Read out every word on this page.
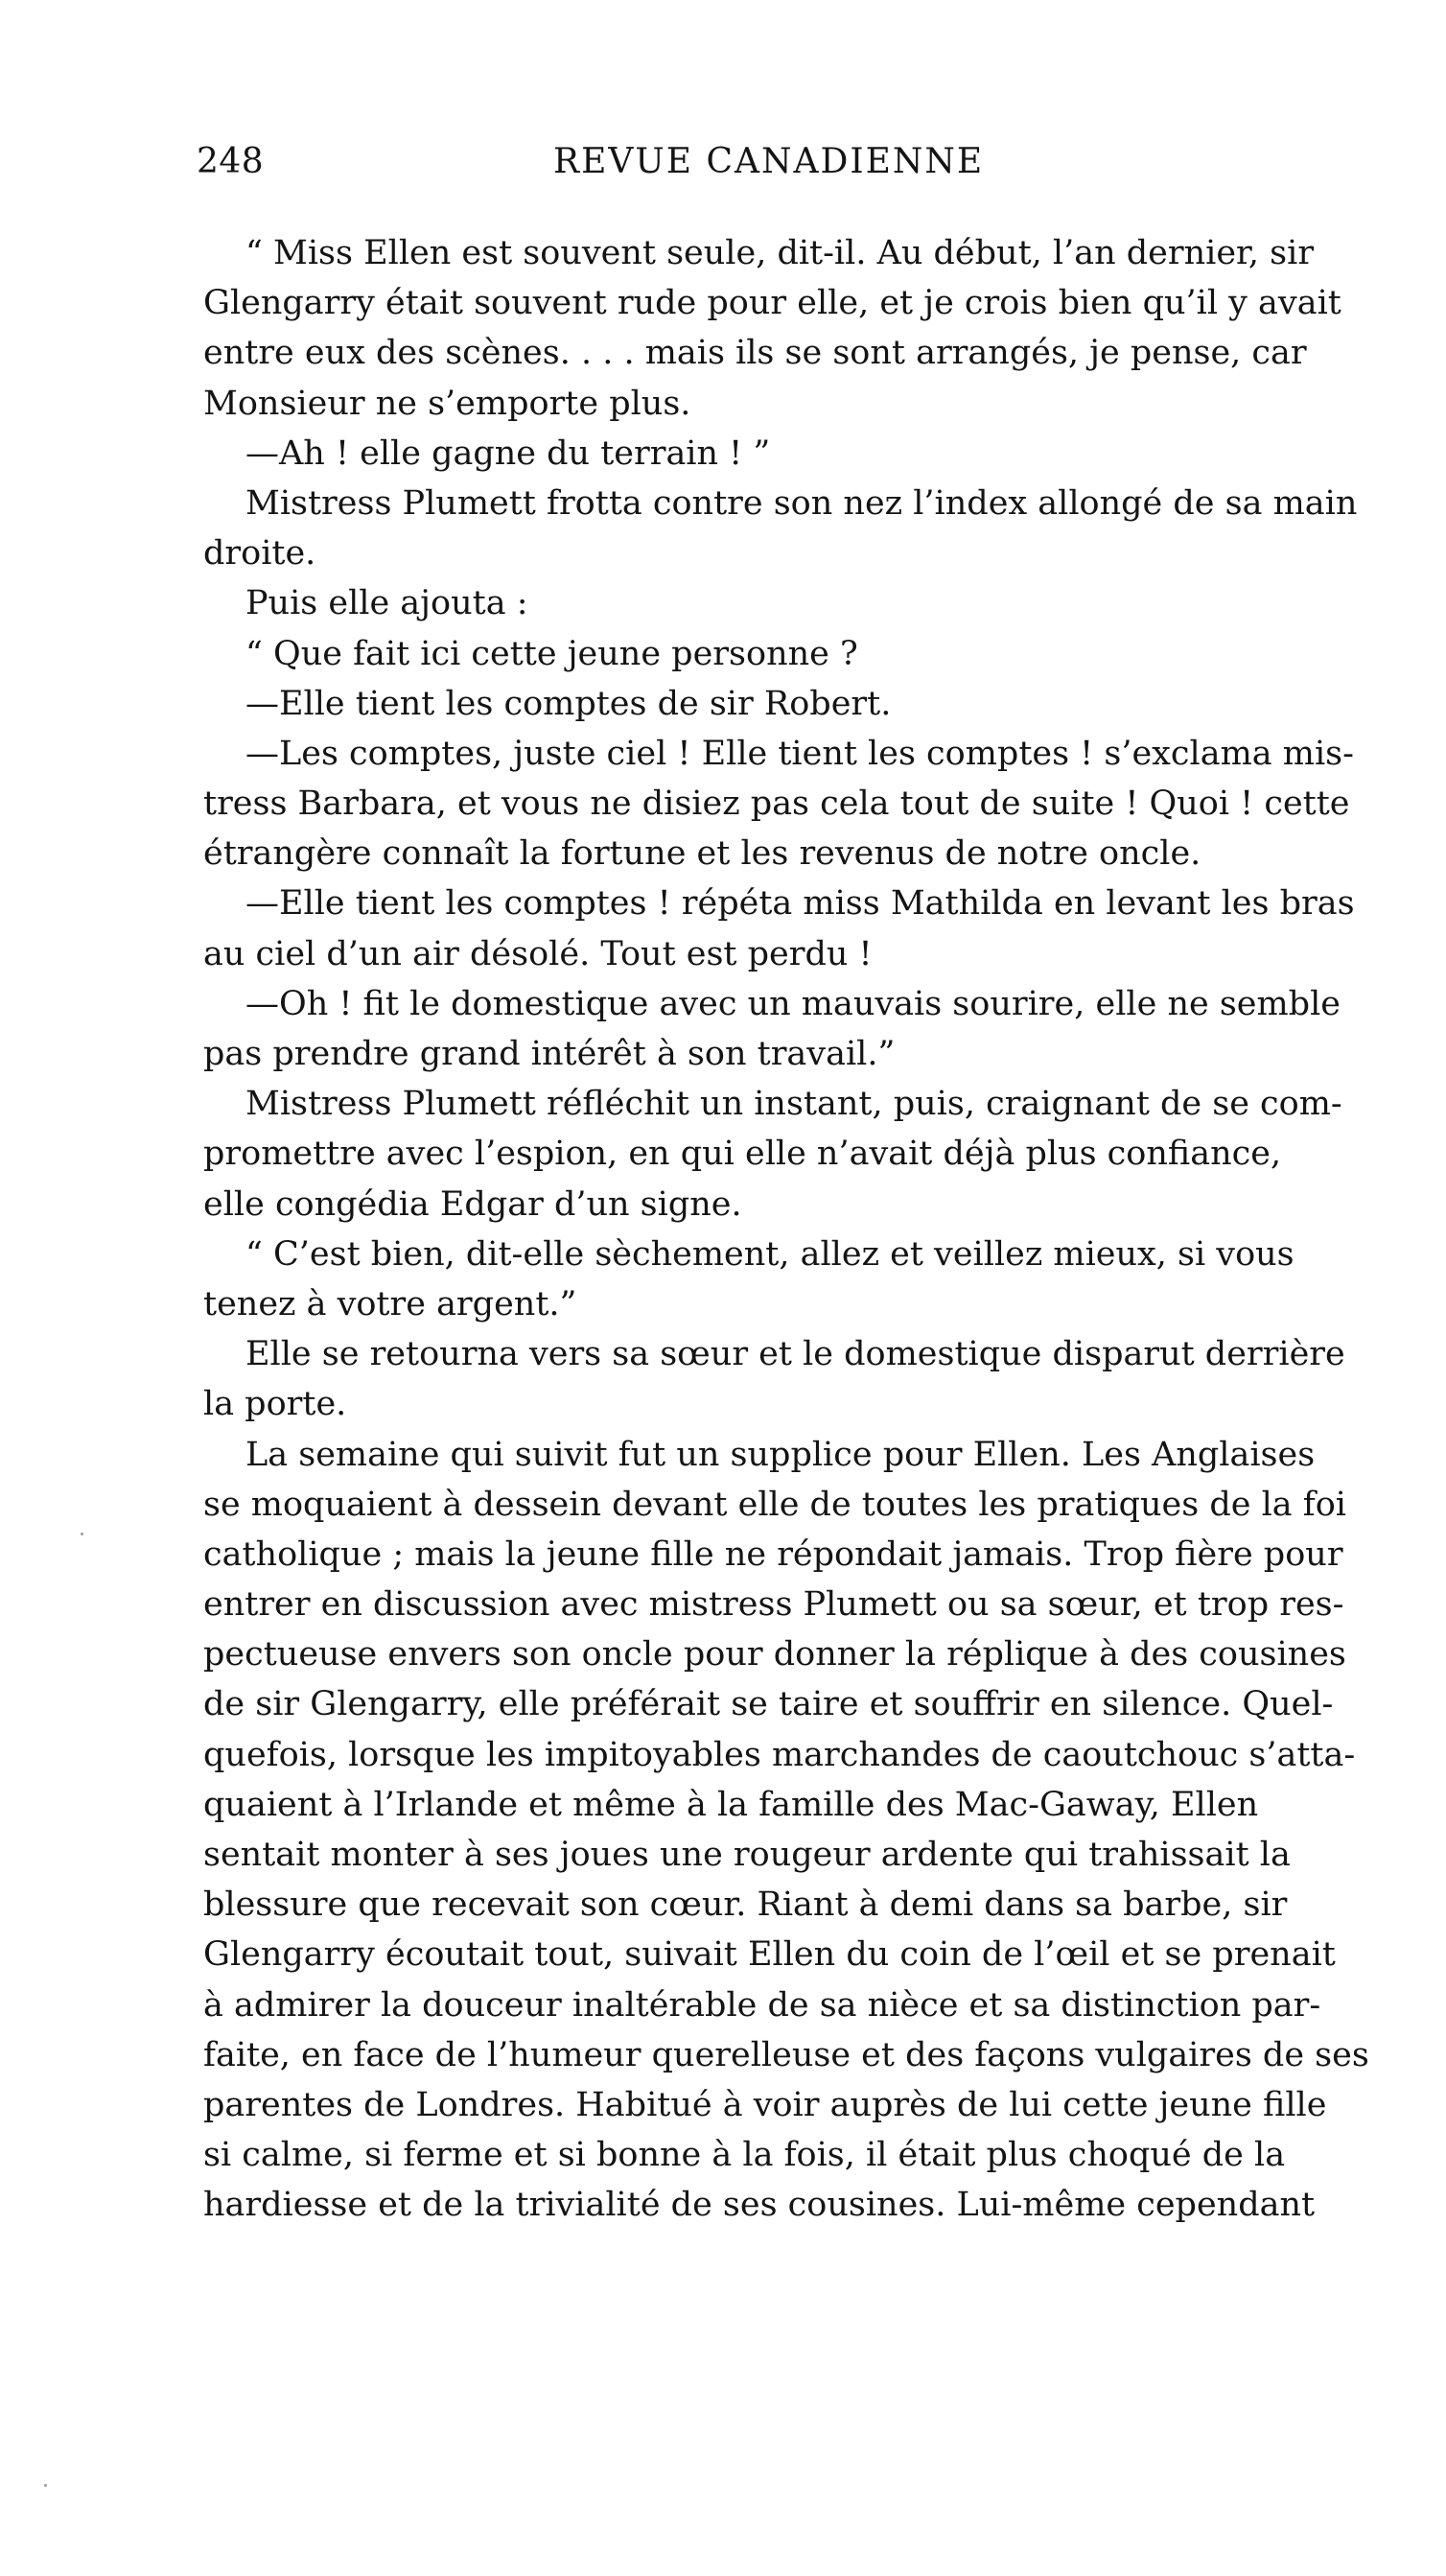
248	REVUE CANADIENNE
“ Miss Ellen est souvent seule, dit-il. Au début, l’an dernier, sir
Glengarry était souvent rude pour elle, et je crois bien qu’il y avait
entre eux des scènes. . . . mais ils se sont arrangés, je pense, car
Monsieur ne s’emporte plus.
—Ah ! elle gagne du terrain ! ”
Mistress Plumett frotta contre son nez l’index allongé de sa main
droite.
Puis elle ajouta :
“ Que fait ici cette jeune personne ?
—Elle tient les comptes de sir Robert.
—Les comptes, juste ciel ! Elle tient les comptes ! s’exclama mis-
tress Barbara, et vous ne disiez pas cela tout de suite ! Quoi ! cette
étrangère connaît la fortune et les revenus de notre oncle.
—Elle tient les comptes ! répéta miss Mathilda en levant les bras
au ciel d’un air désolé. Tout est perdu !
—Oh ! fit le domestique avec un mauvais sourire, elle ne semble
pas prendre grand intérêt à son travail.”
Mistress Plumett réfléchit un instant, puis, craignant de se com-
promettre avec l’espion, en qui elle n’avait déjà plus confiance,
elle congédia Edgar d’un signe.
“ C’est bien, dit-elle sèchement, allez et veillez mieux, si vous
tenez à votre argent.”
Elle se retourna vers sa sœur et le domestique disparut derrière
la porte.
La semaine qui suivit fut un supplice pour Ellen. Les Anglaises
se moquaient à dessein devant elle de toutes les pratiques de la foi
catholique ; mais la jeune fille ne répondait jamais. Trop fière pour
entrer en discussion avec mistress Plumett ou sa sœur, et trop res-
pectueuse envers son oncle pour donner la réplique à des cousines
de sir Glengarry, elle préférait se taire et souffrir en silence. Quel-
quefois, lorsque les impitoyables marchandes de caoutchouc s’atta-
quaient à l’Irlande et même à la famille des Mac-Gaway, Ellen
sentait monter à ses joues une rougeur ardente qui trahissait la
blessure que recevait son cœur. Riant à demi dans sa barbe, sir
Glengarry écoutait tout, suivait Ellen du coin de l’œil et se prenait
à admirer la douceur inaltérable de sa nièce et sa distinction par-
faite, en face de l’humeur querelleuse et des façons vulgaires de ses
parentes de Londres. Habitué à voir auprès de lui cette jeune fille
si calme, si ferme et si bonne à la fois, il était plus choqué de la
hardiesse et de la trivialité de ses cousines. Lui-même cependant
